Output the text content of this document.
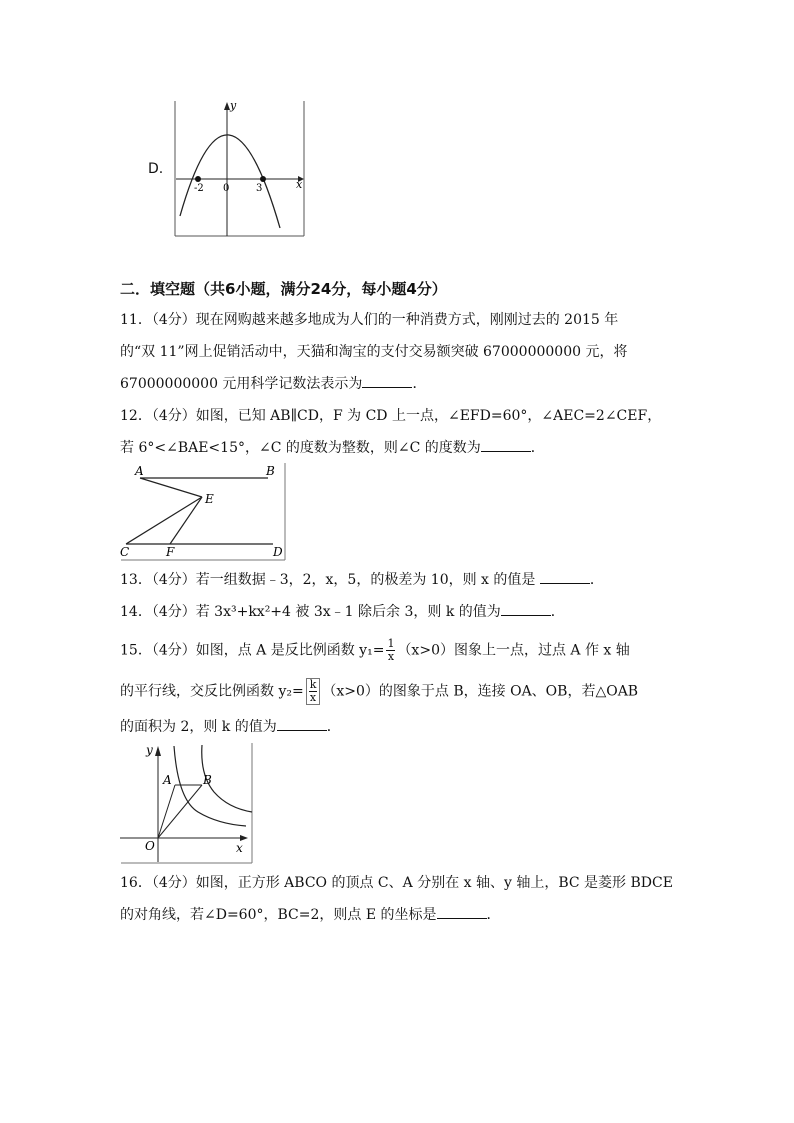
D.
y
x
-2 0	3
二．填空题（共6小题，满分24分，每小题4分）
11．（4分）现在网购越来越多地成为人们的一种消费方式，刚刚过去的 2015 年
的“双 11”网上促销活动中，天猫和淘宝的支付交易额突破 67000000000 元，将
67000000000 元用科学记数法表示为	．
12．（4分）如图，已知 AB∥CD，F 为 CD 上一点，∠EFD=60°，∠AEC=2∠CEF，
若 6°<∠BAE<15°，∠C 的度数为整数，则∠C 的度数为	．
A	B
E
C	F	D
13．（4分）若一组数据﹣3，2，x，5，的极差为 10，则 x 的值是	．
14．（4分）若 3x³+kx²+4 被 3x﹣1 除后余 3，则 k 的值为	．
15．（4分）如图，点 A 是反比例函数 $y_1= \frac{1}{x} (x>0)$图象上一点，过点 A 作 x 轴
的平行线，交反比例函数 $y_2= \frac{k}{x} (x>0)$的图象于点 B，连接 OA、OB，若△OAB
的面积为 2，则 k 的值为	．
y
x
O
A	B
16．（4分）如图，正方形 ABCO 的顶点 C、A 分别在 x 轴、y 轴上，BC 是菱形 BDCE
的对角线，若∠D=60°，BC=2，则点 E 的坐标是	．
